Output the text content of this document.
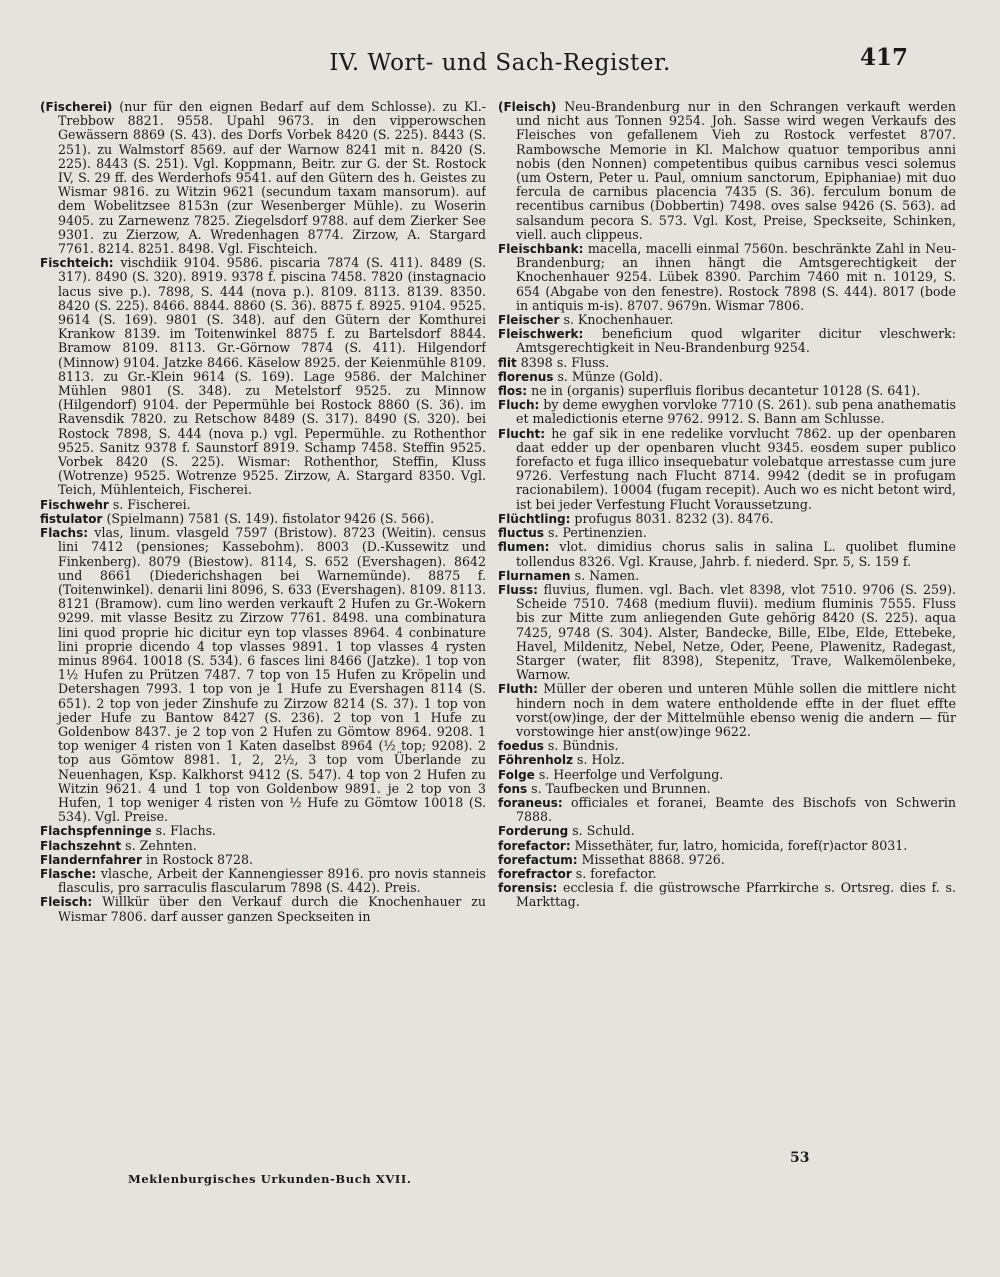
IV. Wort- und Sach-Register.	417

(Fischerei) (nur für den eignen Bedarf auf dem Schlosse). zu Kl.-Trebbow 8821. 9558. Upahl 9673. in den vipperowschen Gewässern 8869 (S. 43). des Dorfs Vorbek 8420 (S. 225). 8443 (S. 251). zu Walmstorf 8569. auf der Warnow 8241 mit n. 8420 (S. 225). 8443 (S. 251). Vgl. Koppmann, Beitr. zur G. der St. Rostock IV, S. 29 ff. des Werderhofs 9541. auf den Gütern des h. Geistes zu Wismar 9816. zu Witzin 9621 (secundum taxam mansorum). auf dem Wobelitzsee 8153n (zur Wesenberger Mühle). zu Woserin 9405. zu Zarnewenz 7825. Ziegelsdorf 9788. auf dem Zierker See 9301. zu Zierzow, A. Wredenhagen 8774. Zirzow, A. Stargard 7761. 8214. 8251. 8498. Vgl. Fischteich.

Fischteich: vischdiik 9104. 9586. piscaria 7874 (S. 411). 8489 (S. 317). 8490 (S. 320). 8919. 9378 f. piscina 7458. 7820 (instagnacio lacus sive p.). 7898, S. 444 (nova p.). 8109. 8113. 8139. 8350. 8420 (S. 225). 8466. 8844. 8860 (S. 36). 8875 f. 8925. 9104. 9525. 9614 (S. 169). 9801 (S. 348). auf den Gütern der Komthurei Krankow 8139. im Toitenwinkel 8875 f. zu Bartelsdorf 8844. Bramow 8109. 8113. Gr.-Görnow 7874 (S. 411). Hilgendorf (Minnow) 9104. Jatzke 8466. Käselow 8925. der Keienmühle 8109. 8113. zu Gr.-Klein 9614 (S. 169). Lage 9586. der Malchiner Mühlen 9801 (S. 348). zu Metelstorf 9525. zu Minnow (Hilgendorf) 9104. der Pepermühle bei Rostock 8860 (S. 36). im Ravensdik 7820. zu Retschow 8489 (S. 317). 8490 (S. 320). bei Rostock 7898, S. 444 (nova p.) vgl. Pepermühle. zu Rothenthor 9525. Sanitz 9378 f. Saunstorf 8919. Schamp 7458. Steffin 9525. Vorbek 8420 (S. 225). Wismar: Rothenthor, Steffin, Kluss (Wotrenze) 9525. Wotrenze 9525. Zirzow, A. Stargard 8350. Vgl. Teich, Mühlenteich, Fischerei.

Fischwehr s. Fischerei.

fistulator (Spielmann) 7581 (S. 149). fistolator 9426 (S. 566).

Flachs: vlas, linum. vlasgeld 7597 (Bristow). 8723 (Weitin). census lini 7412 (pensiones; Kassebohm). 8003 (D.-Kussewitz und Finkenberg). 8079 (Biestow). 8114, S. 652 (Evershagen). 8642 und 8661 (Diederichshagen bei Warnemünde). 8875 f. (Toitenwinkel). denarii lini 8096, S. 633 (Evershagen). 8109. 8113. 8121 (Bramow). cum lino werden verkauft 2 Hufen zu Gr.-Wokern 9299. mit vlasse Besitz zu Zirzow 7761. 8498. una combinatura lini quod proprie hic dicitur eyn top vlasses 8964. 4 conbinature lini proprie dicendo 4 top vlasses 9891. 1 top vlasses 4 rysten minus 8964. 10018 (S. 534). 6 fasces lini 8466 (Jatzke). 1 top von 1½ Hufen zu Prützen 7487. 7 top von 15 Hufen zu Kröpelin und Detershagen 7993. 1 top von je 1 Hufe zu Evershagen 8114 (S. 651). 2 top von jeder Zinshufe zu Zirzow 8214 (S. 37). 1 top von jeder Hufe zu Bantow 8427 (S. 236). 2 top von 1 Hufe zu Goldenbow 8437. je 2 top von 2 Hufen zu Gömtow 8964. 9208. 1 top weniger 4 risten von 1 Katen daselbst 8964 (½ top; 9208). 2 top aus Gömtow 8981. 1, 2, 2½, 3 top vom Überlande zu Neuenhagen, Ksp. Kalkhorst 9412 (S. 547). 4 top von 2 Hufen zu Witzin 9621. 4 und 1 top von Goldenbow 9891. je 2 top von 3 Hufen, 1 top weniger 4 risten von ½ Hufe zu Gömtow 10018 (S. 534). Vgl. Preise.

Flachspfenninge s. Flachs.

Flachszehnt s. Zehnten.

Flandernfahrer in Rostock 8728.

Flasche: vlasche, Arbeit der Kannengiesser 8916. pro novis stanneis flasculis, pro sarraculis flascularum 7898 (S. 442). Preis.

Fleisch: Willkür über den Verkauf durch die Knochenhauer zu Wismar 7806. darf ausser ganzen Speckseiten in

(Fleisch) Neu-Brandenburg nur in den Schrangen verkauft werden und nicht aus Tonnen 9254. Joh. Sasse wird wegen Verkaufs des Fleisches von gefallenem Vieh zu Rostock verfestet 8707. Rambowsche Memorie in Kl. Malchow quatuor temporibus anni nobis (den Nonnen) competentibus quibus carnibus vesci solemus (um Ostern, Peter u. Paul, omnium sanctorum, Epiphaniae) mit duo fercula de carnibus placencia 7435 (S. 36). ferculum bonum de recentibus carnibus (Dobbertin) 7498. oves salse 9426 (S. 563). ad salsandum pecora S. 573. Vgl. Kost, Preise, Speckseite, Schinken, viell. auch clippeus.

Fleischbank: macella, macelli einmal 7560n. beschränkte Zahl in Neu-Brandenburg; an ihnen hängt die Amtsgerechtigkeit der Knochenhauer 9254. Lübek 8390. Parchim 7460 mit n. 10129, S. 654 (Abgabe von den fenestre). Rostock 7898 (S. 444). 8017 (bode in antiquis m-is). 8707. 9679n. Wismar 7806.

Fleischer s. Knochenhauer.

Fleischwerk: beneficium quod wlgariter dicitur vleschwerk: Amtsgerechtigkeit in Neu-Brandenburg 9254.

flit 8398 s. Fluss.

florenus s. Münze (Gold).

flos: ne in (organis) superfluis floribus decantetur 10128 (S. 641).

Fluch: by deme ewyghen vorvloke 7710 (S. 261). sub pena anathematis et maledictionis eterne 9762. 9912. S. Bann am Schlusse.

Flucht: he gaf sik in ene redelike vorvlucht 7862. up der openbaren daat edder up der openbaren vlucht 9345. eosdem super publico forefacto et fuga illico insequebatur volebatque arrestasse cum jure 9726. Verfestung nach Flucht 8714. 9942 (dedit se in profugam racionabilem). 10004 (fugam recepit). Auch wo es nicht betont wird, ist bei jeder Verfestung Flucht Voraussetzung.

Flüchtling: profugus 8031. 8232 (3). 8476.

fluctus s. Pertinenzien.

flumen: vlot. dimidius chorus salis in salina L. quolibet flumine tollendus 8326. Vgl. Krause, Jahrb. f. niederd. Spr. 5, S. 159 f.

Flurnamen s. Namen.

Fluss: fluvius, flumen. vgl. Bach. vlet 8398, vlot 7510. 9706 (S. 259). Scheide 7510. 7468 (medium fluvii). medium fluminis 7555. Fluss bis zur Mitte zum anliegenden Gute gehörig 8420 (S. 225). aqua 7425, 9748 (S. 304). Alster, Bandecke, Bille, Elbe, Elde, Ettebeke, Havel, Mildenitz, Nebel, Netze, Oder, Peene, Plawenitz, Radegast, Starger (water, flit 8398), Stepenitz, Trave, Walkemölenbeke, Warnow.

Fluth: Müller der oberen und unteren Mühle sollen die mittlere nicht hindern noch in dem watere entholdende effte in der fluet effte vorst(ow)inge, der der Mittelmühle ebenso wenig die andern — für vorstowinge hier anst(ow)inge 9622.

foedus s. Bündnis.

Föhrenholz s. Holz.

Folge s. Heerfolge und Verfolgung.

fons s. Taufbecken und Brunnen.

foraneus: officiales et foranei, Beamte des Bischofs von Schwerin 7888.

Forderung s. Schuld.

forefactor: Missethäter, fur, latro, homicida, foref(r)actor 8031.

forefactum: Missethat 8868. 9726.

forefractor s. forefactor.

forensis: ecclesia f. die güstrowsche Pfarrkirche s. Ortsreg. dies f. s. Markttag.

53
Meklenburgisches Urkunden-Buch XVII.
